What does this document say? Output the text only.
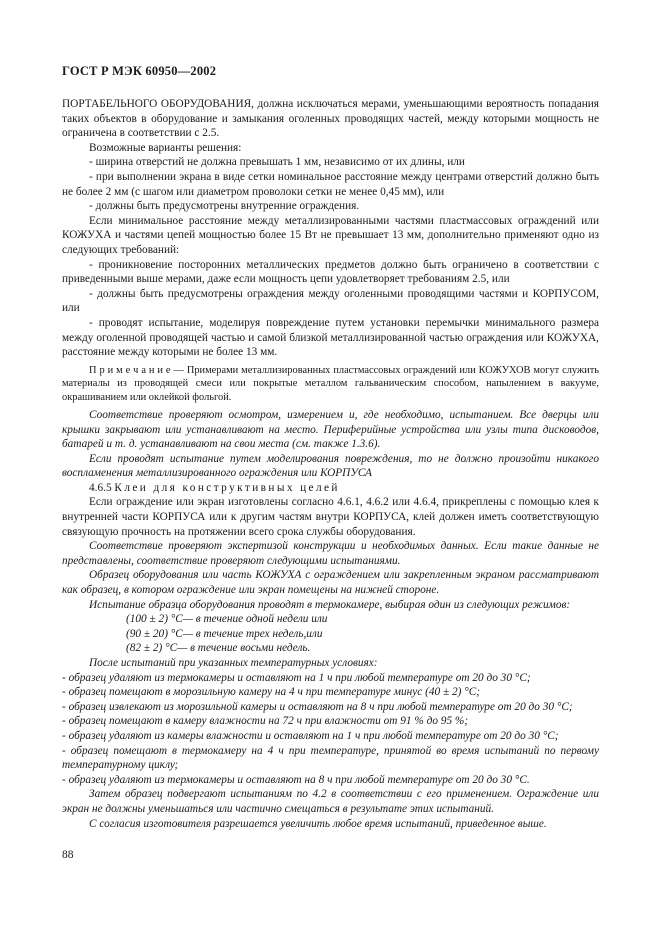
ГОСТ Р МЭК 60950—2002

ПОРТАБЕЛЬНОГО ОБОРУДОВАНИЯ, должна исключаться мерами, уменьшающими вероятность попадания таких объектов в оборудование и замыкания оголенных проводящих частей, между которыми мощность не ограничена в соответствии с 2.5.

Возможные варианты решения:

- ширина отверстий не должна превышать 1 мм, независимо от их длины, или

- при выполнении экрана в виде сетки номинальное расстояние между центрами отверстий должно быть не более 2 мм (с шагом или диаметром проволоки сетки не менее 0,45 мм), или

- должны быть предусмотрены внутренние ограждения.

Если минимальное расстояние между металлизированными частями пластмассовых ограждений или КОЖУХА и частями цепей мощностью более 15 Вт не превышает 13 мм, дополнительно применяют одно из следующих требований:

- проникновение посторонних металлических предметов должно быть ограничено в соответствии с приведенными выше мерами, даже если мощность цепи удовлетворяет требованиям 2.5, или

- должны быть предусмотрены ограждения между оголенными проводящими частями и КОРПУСОМ, или

- проводят испытание, моделируя повреждение путем установки перемычки минимального размера между оголенной проводящей частью и самой близкой металлизированной частью ограждения или КОЖУХА, расстояние между которыми не более 13 мм.

П р и м е ч а н и е — Примерами металлизированных пластмассовых ограждений или КОЖУХОВ могут служить материалы из проводящей смеси или покрытые металлом гальваническим способом, напылением в вакууме, окрашиванием или оклейкой фольгой.

Соответствие проверяют осмотром, измерением и, где необходимо, испытанием. Все дверцы или крышки закрывают или устанавливают на место. Периферийные устройства или узлы типа дисководов, батарей и т. д. устанавливают на свои места (см. также 1.3.6).

Если проводят испытание путем моделирования повреждения, то не должно произойти никакого воспламенения металлизированного ограждения или КОРПУСА

4.6.5 Клеи для конструктивных целей

Если ограждение или экран изготовлены согласно 4.6.1, 4.6.2 или 4.6.4, прикреплены с помощью клея к внутренней части КОРПУСА или к другим частям внутри КОРПУСА, клей должен иметь соответствующую связующую прочность на протяжении всего срока службы оборудования.

Соответствие проверяют экспертизой конструкции и необходимых данных. Если такие данные не представлены, соответствие проверяют следующими испытаниями.

Образец оборудования или часть КОЖУХА с ограждением или закрепленным экраном рассматривают как образец, в котором ограждение или экран помещены на нижней стороне.

Испытание образца оборудования проводят в термокамере, выбирая один из следующих режимов:

(100 ± 2) °С— в течение одной недели или

(90 ± 20) °С— в течение трех недель,или

(82 ± 2) °С— в течение восьми недель.

После испытаний при указанных температурных условиях:

- образец удаляют из термокамеры и оставляют на 1 ч при любой температуре от 20 до 30 °С;

- образец помещают в морозильную камеру на 4 ч при температуре минус (40 ± 2) °С;

- образец извлекают из морозильной камеры и оставляют на 8 ч при любой температуре от 20 до 30 °С;

- образец помещают в камеру влажности на 72 ч при влажности от 91 % до 95 %;

- образец удаляют из камеры влажности и оставляют на 1 ч при любой температуре от 20 до 30 °С;

- образец помещают в термокамеру на 4 ч при температуре, принятой во время испытаний по первому температурному циклу;

- образец удаляют из термокамеры и оставляют на 8 ч при любой температуре от 20 до 30 °С.

Затем образец подвергают испытаниям по 4.2 в соответствии с его применением. Ограждение или экран не должны уменьшаться или частично смещаться в результате этих испытаний.

С согласия изготовителя разрешается увеличить любое время испытаний, приведенное выше.

88
